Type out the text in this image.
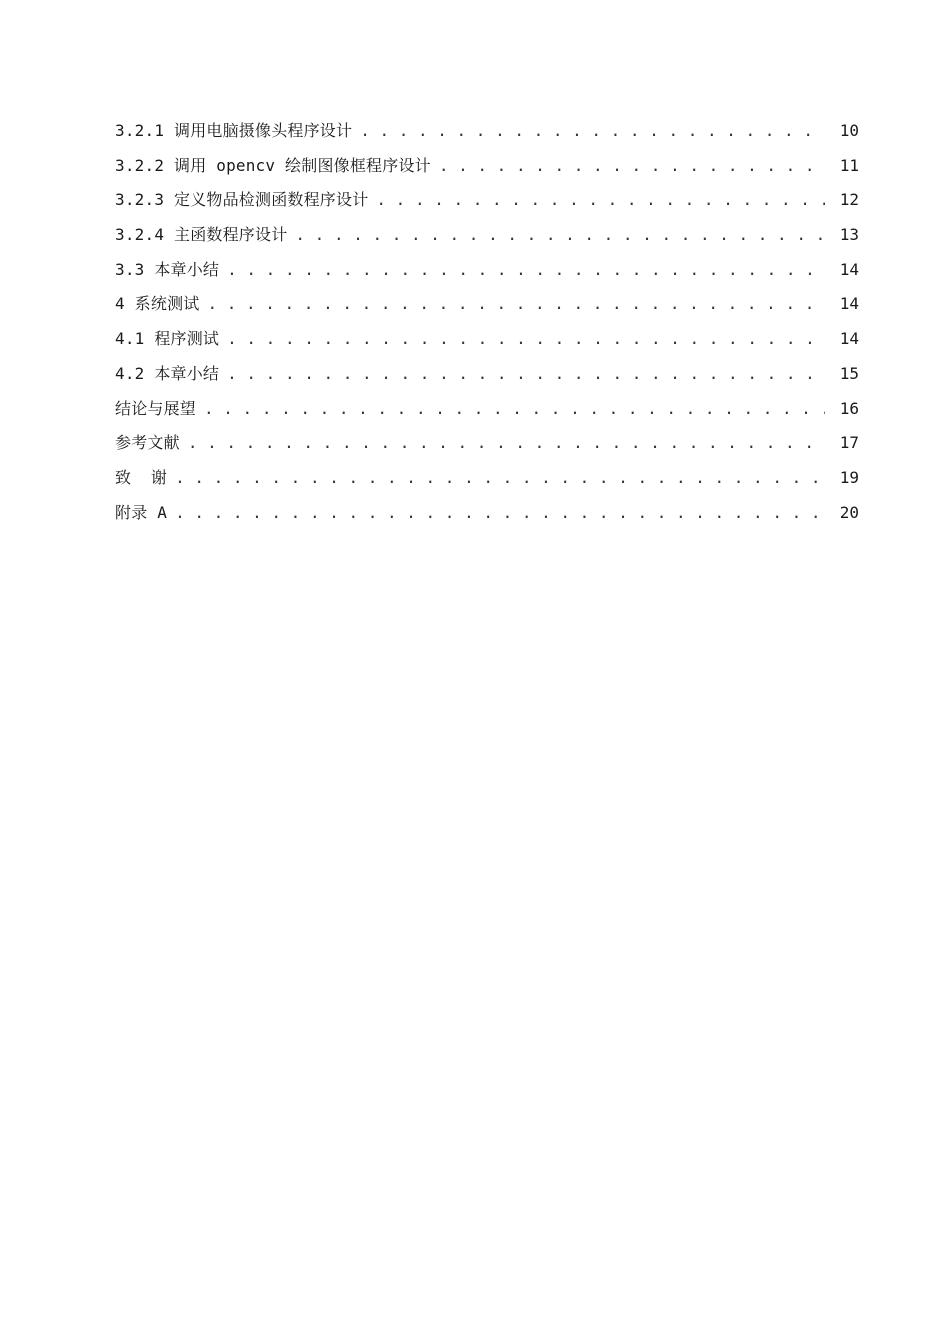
3.2.1 调用电脑摄像头程序设计 . . .	10
3.2.2 调用 opencv 绘制图像框程序设计 . . .	11
3.2.3 定义物品检测函数程序设计 . . .	12
3.2.4 主函数程序设计 . . .	13
3.3 本章小结 . . .	14
4 系统测试 . . .	14
4.1 程序测试 . . .	14
4.2 本章小结 . . .	15
结论与展望 . . .	16
参考文献 . . .	17
致  谢 . . .	19
附录 A . . .	20
